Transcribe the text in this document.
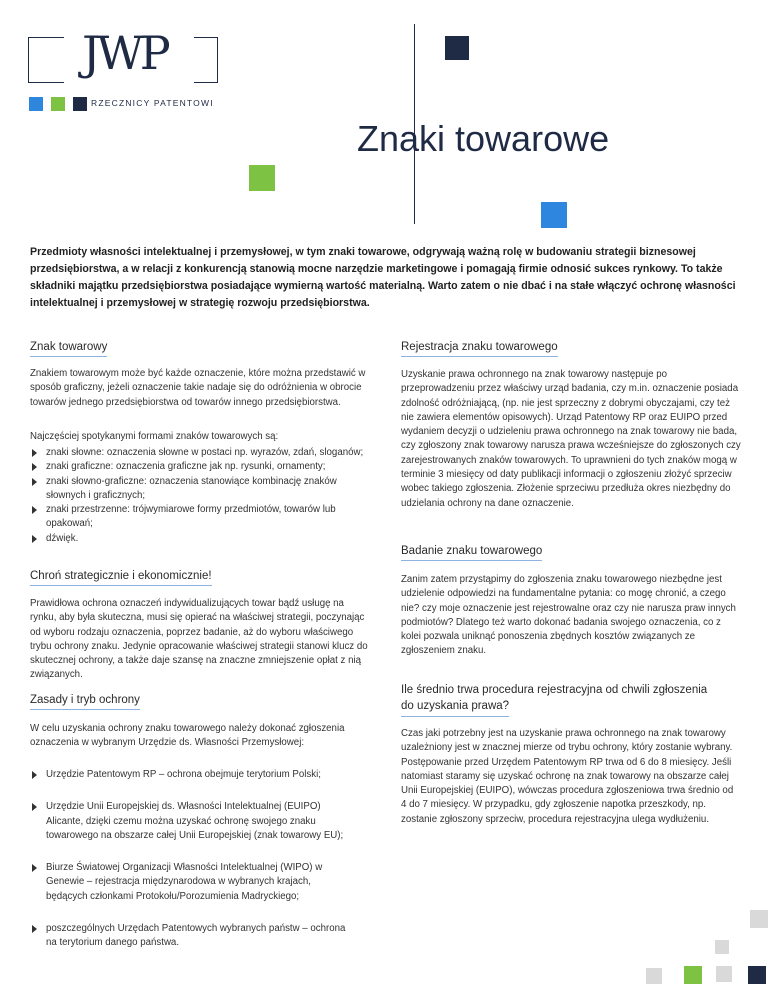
JWP
RZECZNICY PATENTOWI
Znaki towarowe

Przedmioty własności intelektualnej i przemysłowej, w tym znaki towarowe, odgrywają ważną rolę w budowaniu strategii biznesowej przedsiębiorstwa, a w relacji z konkurencją stanowią mocne narzędzie marketingowe i pomagają firmie odnosić sukces rynkowy. To także składniki majątku przedsiębiorstwa posiadające wymierną wartość materialną. Warto zatem o nie dbać i na stałe włączyć ochronę własności intelektualnej i przemysłowej w strategię rozwoju przedsiębiorstwa.

Znak towarowy

Znakiem towarowym może być każde oznaczenie, które można przedstawić w sposób graficzny, jeżeli oznaczenie takie nadaje się do odróżnienia w obrocie towarów jednego przedsiębiorstwa od towarów innego przedsiębiorstwa.

Najczęściej spotykanymi formami znaków towarowych są:

znaki słowne: oznaczenia słowne w postaci np. wyrazów, zdań, sloganów;
znaki graficzne: oznaczenia graficzne jak np. rysunki, ornamenty;
znaki słowno-graficzne: oznaczenia stanowiące kombinację znaków słownych i graficznych;
znaki przestrzenne: trójwymiarowe formy przedmiotów, towarów lub opakowań;
dźwięk.
Chroń strategicznie i ekonomicznie!

Prawidłowa ochrona oznaczeń indywidualizujących towar bądź usługę na rynku, aby była skuteczna, musi się opierać na właściwej strategii, poczynając od wyboru rodzaju oznaczenia, poprzez badanie, aż do wyboru właściwego trybu ochrony znaku. Jedynie opracowanie właściwej strategii stanowi klucz do skutecznej ochrony, a także daje szansę na znaczne zmniejszenie opłat z nią związanych.

Zasady i tryb ochrony

W celu uzyskania ochrony znaku towarowego należy dokonać zgłoszenia oznaczenia w wybranym Urzędzie ds. Własności Przemysłowej:

Urzędzie Patentowym RP – ochrona obejmuje terytorium Polski;
Urzędzie Unii Europejskiej ds. Własności Intelektualnej (EUIPO) Alicante, dzięki czemu można uzyskać ochronę swojego znaku towarowego na obszarze całej Unii Europejskiej (znak towarowy EU);
Biurze Światowej Organizacji Własności Intelektualnej (WIPO) w Genewie – rejestracja międzynarodowa w wybranych krajach, będących członkami Protokołu/Porozumienia Madryckiego;
poszczególnych Urzędach Patentowych wybranych państw – ochrona na terytorium danego państwa.
Rejestracja znaku towarowego

Uzyskanie prawa ochronnego na znak towarowy następuje po przeprowadzeniu przez właściwy urząd badania, czy m.in. oznaczenie posiada zdolność odróżniającą, (np. nie jest sprzeczny z dobrymi obyczajami, czy też nie zawiera elementów opisowych). Urząd Patentowy RP oraz EUIPO przed wydaniem decyzji o udzieleniu prawa ochronnego na znak towarowy nie bada, czy zgłoszony znak towarowy narusza prawa wcześniejsze do zgłoszonych czy zarejestrowanych znaków towarowych. To uprawnieni do tych znaków mogą w terminie 3 miesięcy od daty publikacji informacji o zgłoszeniu złożyć sprzeciw wobec takiego zgłoszenia. Złożenie sprzeciwu przedłuża okres niezbędny do udzielania ochrony na dane oznaczenie.

Badanie znaku towarowego

Zanim zatem przystąpimy do zgłoszenia znaku towarowego niezbędne jest udzielenie odpowiedzi na fundamentalne pytania: co mogę chronić, a czego nie? czy moje oznaczenie jest rejestrowalne oraz czy nie narusza praw innych podmiotów? Dlatego też warto dokonać badania swojego oznaczenia, co z kolei pozwala uniknąć ponoszenia zbędnych kosztów związanych ze zgłoszeniem znaku.

Ile średnio trwa procedura rejestracyjna od chwili zgłoszenia
do uzyskania prawa?

Czas jaki potrzebny jest na uzyskanie prawa ochronnego na znak towarowy uzależniony jest w znacznej mierze od trybu ochrony, który zostanie wybrany. Postępowanie przed Urzędem Patentowym RP trwa od 6 do 8 miesięcy. Jeśli natomiast staramy się uzyskać ochronę na znak towarowy na obszarze całej Unii Europejskiej (EUIPO), wówczas procedura zgłoszeniowa trwa średnio od 4 do 7 miesięcy. W przypadku, gdy zgłoszenie napotka przeszkody, np. zostanie zgłoszony sprzeciw, procedura rejestracyjna ulega wydłużeniu.
